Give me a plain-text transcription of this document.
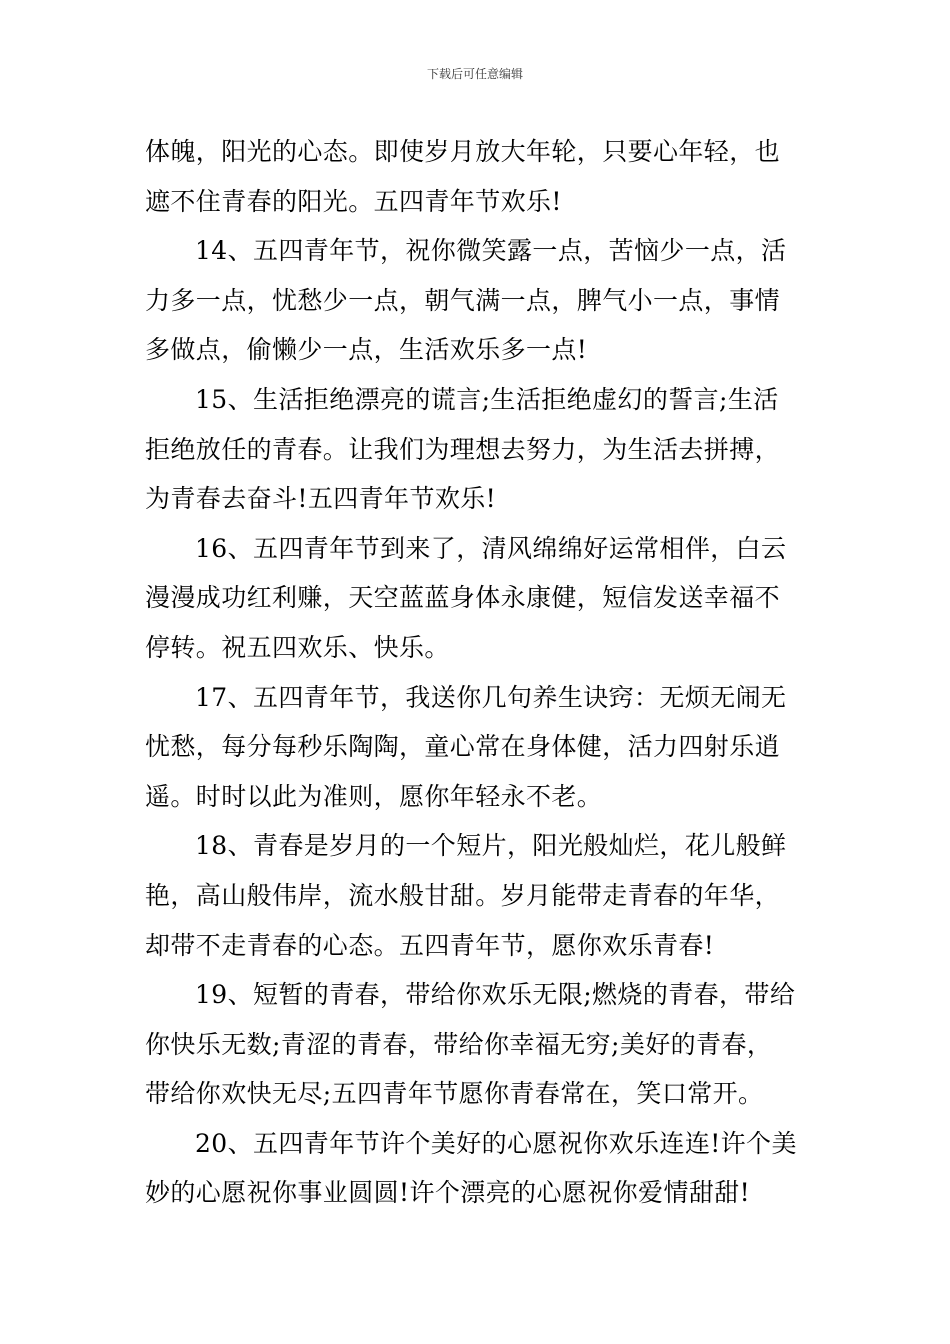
下载后可任意编辑
体魄，阳光的心态。即使岁月放大年轮，只要心年轻，也
遮不住青春的阳光。五四青年节欢乐!
14、五四青年节，祝你微笑露一点，苦恼少一点，活
力多一点，忧愁少一点，朝气满一点，脾气小一点，事情
多做点，偷懒少一点，生活欢乐多一点!
15、生活拒绝漂亮的谎言;生活拒绝虚幻的誓言;生活
拒绝放任的青春。让我们为理想去努力，为生活去拼搏，
为青春去奋斗!五四青年节欢乐!
16、五四青年节到来了，清风绵绵好运常相伴，白云
漫漫成功红利赚，天空蓝蓝身体永康健，短信发送幸福不
停转。祝五四欢乐、快乐。
17、五四青年节，我送你几句养生诀窍：无烦无闹无
忧愁，每分每秒乐陶陶，童心常在身体健，活力四射乐逍
遥。时时以此为准则，愿你年轻永不老。
18、青春是岁月的一个短片，阳光般灿烂，花儿般鲜
艳，高山般伟岸，流水般甘甜。岁月能带走青春的年华，
却带不走青春的心态。五四青年节，愿你欢乐青春!
19、短暂的青春，带给你欢乐无限;燃烧的青春，带给
你快乐无数;青涩的青春，带给你幸福无穷;美好的青春，
带给你欢快无尽;五四青年节愿你青春常在，笑口常开。
20、五四青年节许个美好的心愿祝你欢乐连连!许个美
妙的心愿祝你事业圆圆!许个漂亮的心愿祝你爱情甜甜!
